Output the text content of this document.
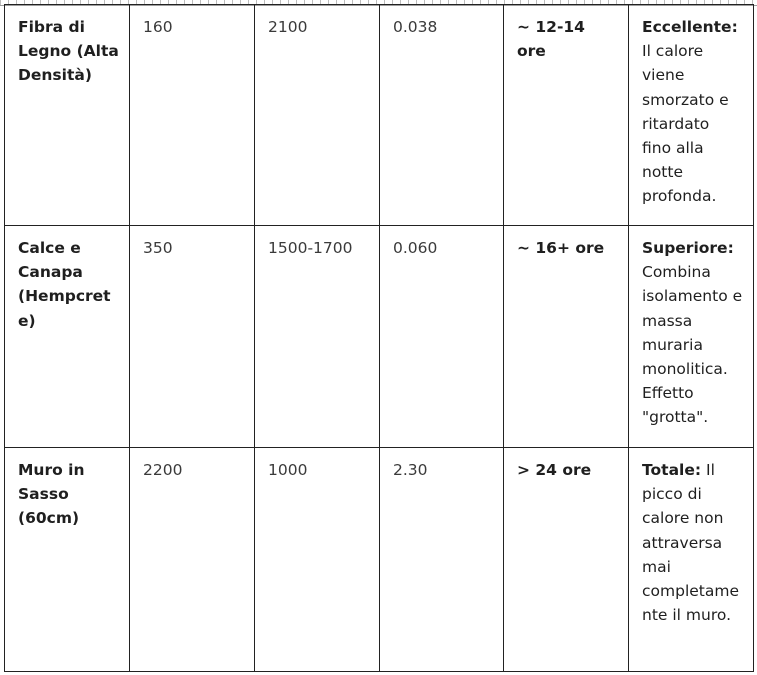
Fibra di Legno (Alta Densità)	160	2100	0.038	~ 12-14 ore	Eccellente: Il calore viene smorzato e ritardato fino alla notte profonda.
Calce e Canapa (Hempcrete)	350	1500-1700	0.060	~ 16+ ore	Superiore: Combina isolamento e massa muraria monolitica. Effetto "grotta".
Muro in Sasso (60cm)	2200	1000	2.30	> 24 ore	Totale: Il picco di calore non attraversa mai completamente il muro.
